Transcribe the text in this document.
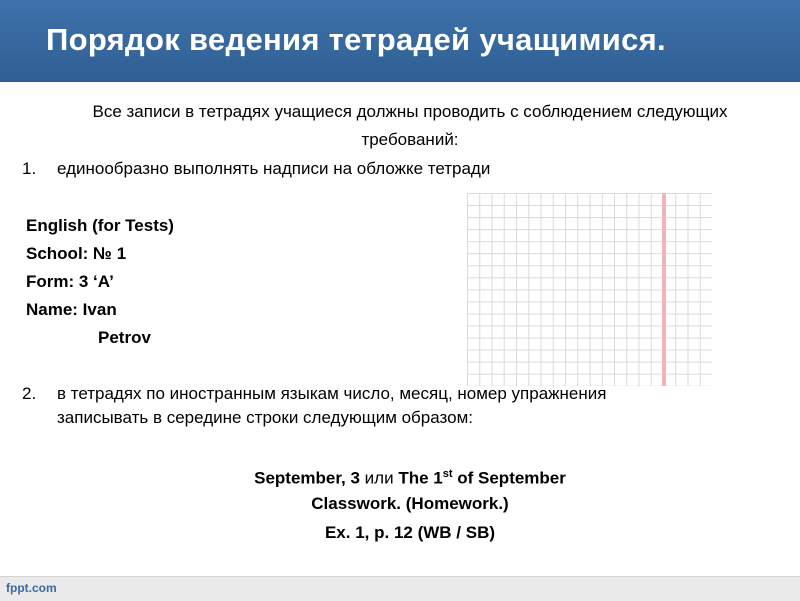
Порядок ведения тетрадей учащимися.
Все записи в тетрадях учащиеся должны проводить с соблюдением следующих
требований:
1. единообразно выполнять надписи на обложке тетради
English (for Tests)
School: № 1
Form: 3 ‘A’
Name: Ivan
Petrov
2.	в тетрадях по иностранным языкам число, месяц, номер упражнения
записывать в середине строки следующим образом:
September, 3 или The 1st of September
Classwork. (Homework.)
Ex. 1, p. 12 (WB / SB)
fppt.com
